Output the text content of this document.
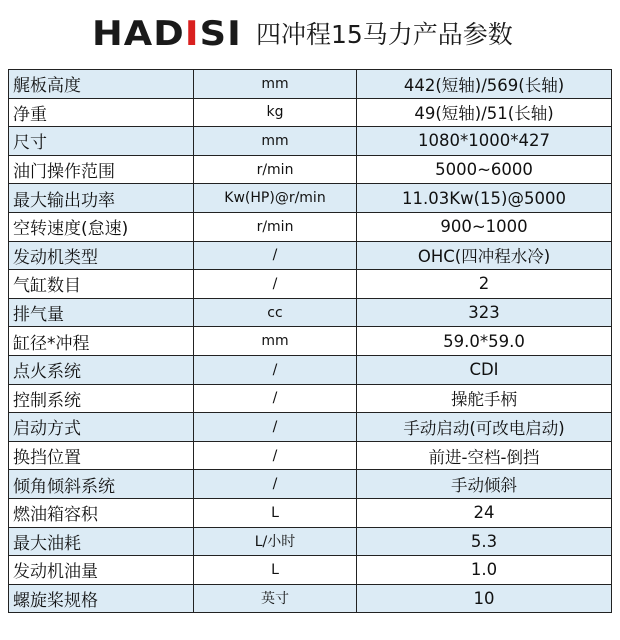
HADISI 四冲程15马力产品参数
艉板高度	mm	442(短轴)/569(长轴)
净重	kg	49(短轴)/51(长轴)
尺寸	mm	1080*1000*427
油门操作范围	r/min	5000~6000
最大输出功率	Kw(HP)@r/min	11.03Kw(15)@5000
空转速度(怠速)	r/min	900~1000
发动机类型	/	OHC(四冲程水冷)
气缸数目	/	2
排气量	cc	323
缸径*冲程	mm	59.0*59.0
点火系统	/	CDI
控制系统	/	操舵手柄
启动方式	/	手动启动(可改电启动)
换挡位置	/	前进-空档-倒挡
倾角倾斜系统	/	手动倾斜
燃油箱容积	L	24
最大油耗	L/小时	5.3
发动机油量	L	1.0
螺旋桨规格	英寸	10
